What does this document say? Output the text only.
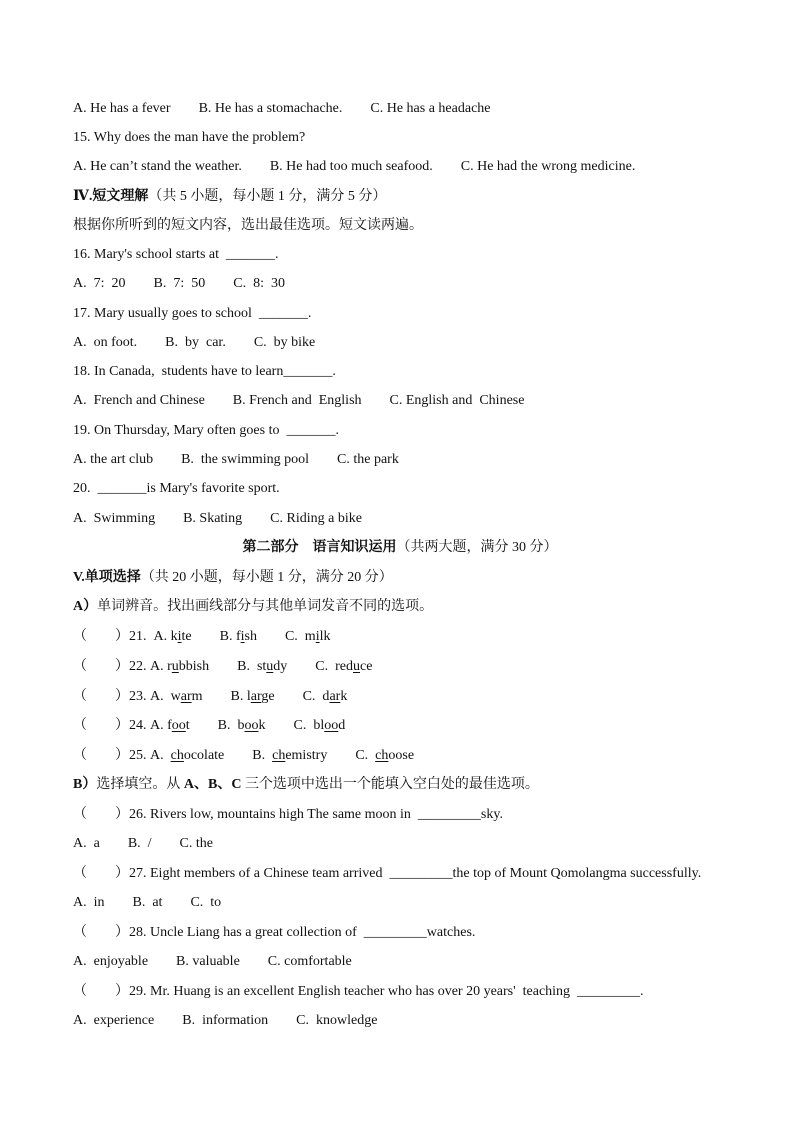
A. He has a fever        B. He has a stomachache.        C. He has a headache
15. Why does the man have the problem?
A. He can’t stand the weather.        B. He had too much seafood.        C. He had the wrong medicine.
Ⅳ.短文理解（共 5 小题，每小题 1 分，满分 5 分）
根据你所听到的短文内容，选出最佳选项。短文读两遍。
16. Mary's school starts at  _______.
A.  7:  20        B.  7:  50        C.  8:  30
17. Mary usually goes to school  _______.
A.  on foot.        B.  by  car.        C.  by bike
18. In Canada,  students have to learn_______.
A.  French and Chinese        B. French and  English        C. English and  Chinese
19. On Thursday, Mary often goes to  _______.
A. the art club        B.  the swimming pool        C. the park
20.  _______is Mary's favorite sport.
A.  Swimming        B. Skating        C. Riding a bike
第二部分　语言知识运用（共两大题，满分 30 分）
V.单项选择（共 20 小题，每小题 1 分，满分 20 分）
A）单词辨音。找出画线部分与其他单词发音不同的选项。
（        ）21.  A. kite        B. fish        C.  milk
（        ）22. A. rubbish        B.  study        C.  reduce
（        ）23. A.  warm        B. large        C.  dark
（        ）24. A. foot        B.  book        C.  blood
（        ）25. A.  chocolate        B.  chemistry        C.  choose
B）选择填空。从 A、B、C 三个选项中选出一个能填入空白处的最佳选项。
（        ）26. Rivers low, mountains high The same moon in  _________sky.
A.  a        B.  /        C. the
（        ）27. Eight members of a Chinese team arrived  _________the top of Mount Qomolangma successfully.
A.  in        B.  at        C.  to
（        ）28. Uncle Liang has a great collection of  _________watches.
A.  enjoyable        B. valuable        C. comfortable
（        ）29. Mr. Huang is an excellent English teacher who has over 20 years'  teaching  _________.
A.  experience        B.  information        C.  knowledge
